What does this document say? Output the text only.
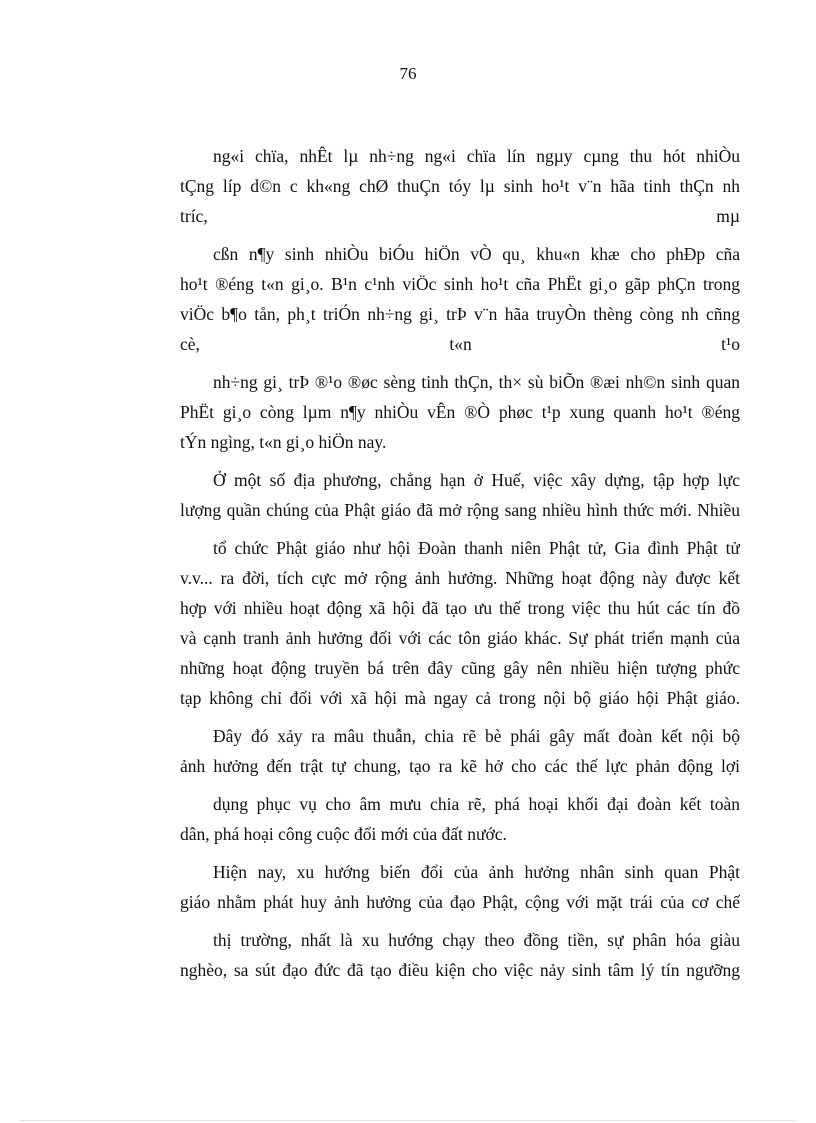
76
ng«i chïa, nhÊt lµ nh÷ng ng«i chïa lín ngµy cµng thu hót nhiÒu
tÇng líp d©n c kh«ng chØ thuÇn tóy lµ sinh ho¹t v¨n hãa tinh thÇn nh
tríc, mµ
cßn n¶y sinh nhiÒu biÓu hiÖn vÒ qu¸ khu«n khæ cho phÐp cña
ho¹t ®éng t«n gi¸o. B¹n c¹nh viÖc sinh ho¹t cña PhËt gi¸o gãp phÇn trong
viÖc b¶o tån, ph¸t triÓn nh÷ng gi¸ trÞ v¨n hãa truyÒn thèng còng nh cñng
cè, t«n t¹o
nh÷ng gi¸ trÞ ®¹o ®øc sèng tinh thÇn, th× sù biÕn ®æi nh©n sinh quan
PhËt gi¸o còng lµm n¶y nhiÒu vÊn ®Ò phøc t¹p xung quanh ho¹t ®éng
tÝn ngìng, t«n gi¸o hiÖn nay.
Ở một số địa phương, chẳng hạn ở Huế, việc xây dựng, tập hợp lực
lượng quần chúng của Phật giáo đã mở rộng sang nhiều hình thức mới. Nhiều
tổ chức Phật giáo như hội Đoàn thanh niên Phật tử, Gia đình Phật tử
v.v... ra đời, tích cực mở rộng ảnh hưởng. Những hoạt động này được kết
hợp với nhiều hoạt động xã hội đã tạo ưu thế trong việc thu hút các tín đồ
và cạnh tranh ảnh hưởng đối với các tôn giáo khác. Sự phát triển mạnh của
những hoạt động truyền bá trên đây cũng gây nên nhiều hiện tượng phức
tạp không chỉ đối với xã hội mà ngay cả trong nội bộ giáo hội Phật giáo.
Đây đó xảy ra mâu thuẫn, chia rẽ bè phái gây mất đoàn kết nội bộ
ảnh hưởng đến trật tự chung, tạo ra kẽ hở cho các thế lực phản động lợi
dụng phục vụ cho âm mưu chia rẽ, phá hoại khối đại đoàn kết toàn
dân, phá hoại công cuộc đổi mới của đất nước.
Hiện nay, xu hướng biến đổi của ảnh hưởng nhân sinh quan Phật
giáo nhằm phát huy ảnh hưởng của đạo Phật, cộng với mặt trái của cơ chế
thị trường, nhất là xu hướng chạy theo đồng tiền, sự phân hóa giàu
nghèo, sa sút đạo đức đã tạo điều kiện cho việc nảy sinh tâm lý tín ngưỡng
